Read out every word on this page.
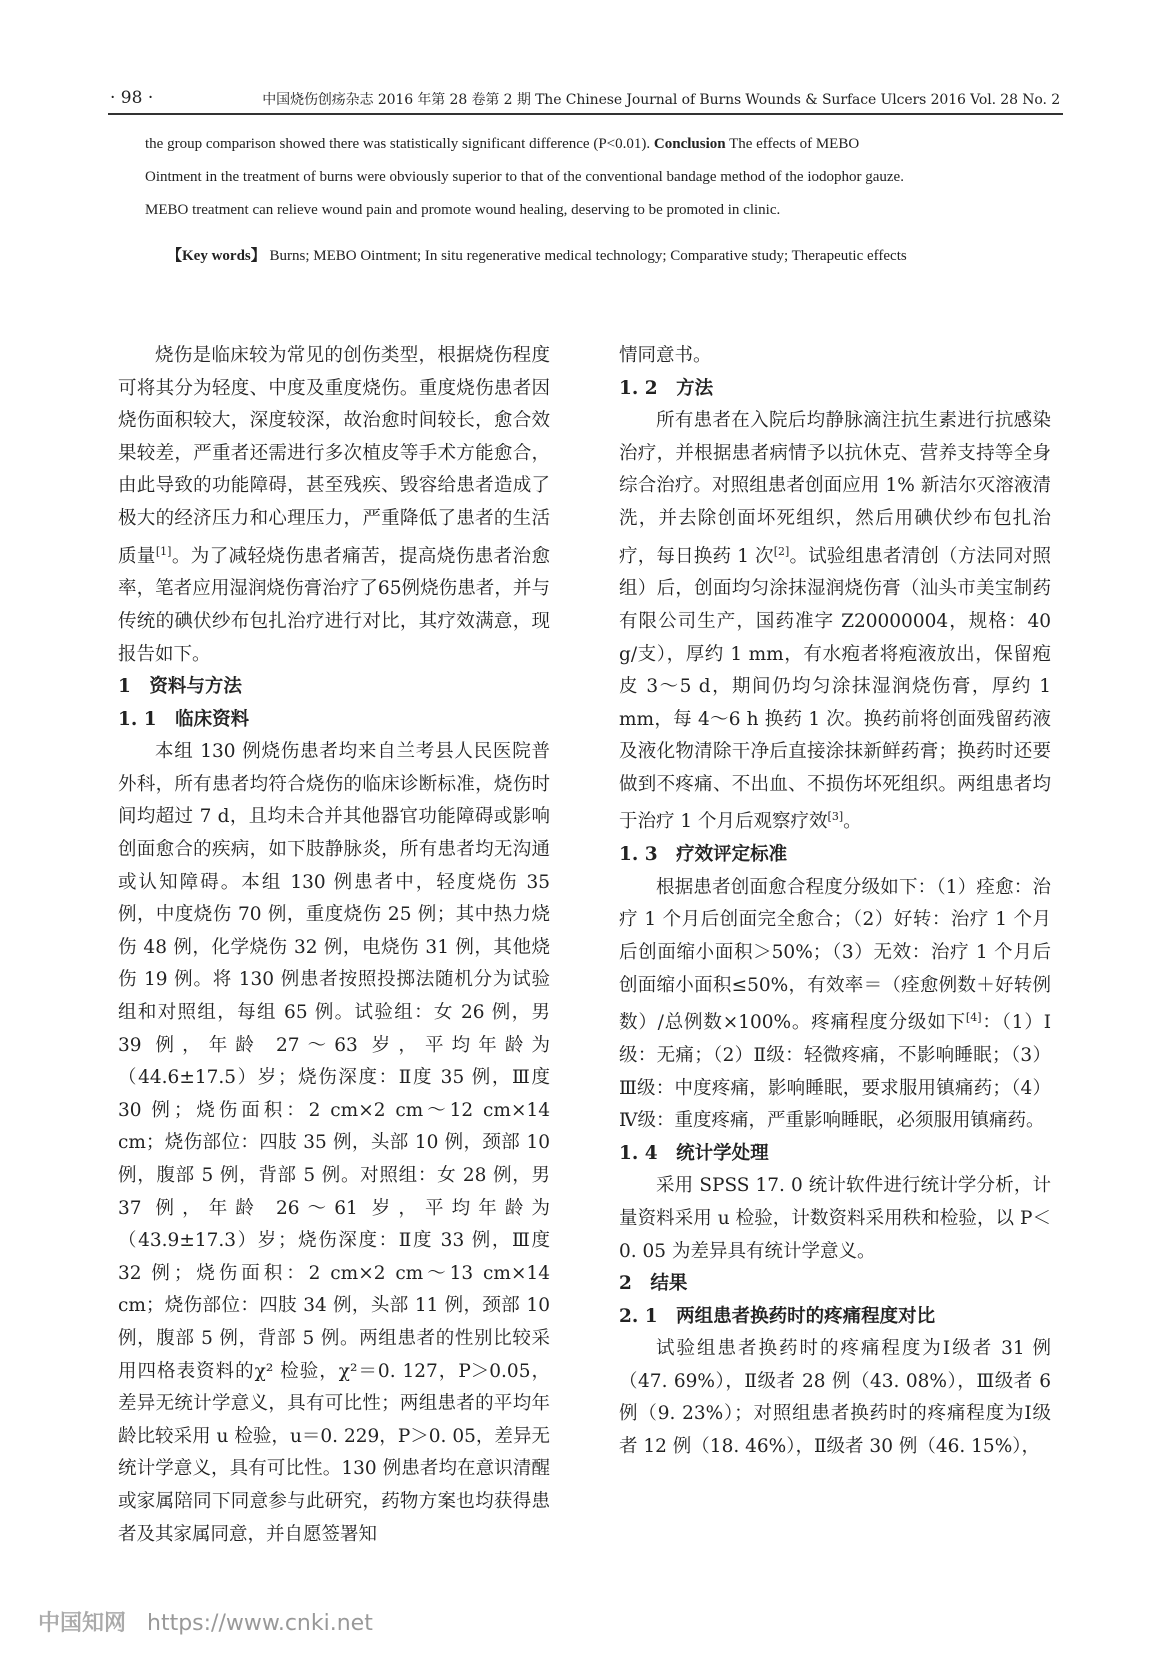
· 98 ·	中国烧伤创疡杂志 2016 年第 28 卷第 2 期 The Chinese Journal of Burns Wounds & Surface Ulcers 2016 Vol. 28 No. 2
the group comparison showed there was statistically significant difference (P<0.01). Conclusion The effects of MEBO
Ointment in the treatment of burns were obviously superior to that of the conventional bandage method of the iodophor gauze.
MEBO treatment can relieve wound pain and promote wound healing, deserving to be promoted in clinic.
【Key words】 Burns; MEBO Ointment; In situ regenerative medical technology; Comparative study; Therapeutic effects

烧伤是临床较为常见的创伤类型，根据烧伤程度可将其分为轻度、中度及重度烧伤。重度烧伤患者因烧伤面积较大，深度较深，故治愈时间较长，愈合效果较差，严重者还需进行多次植皮等手术方能愈合，由此导致的功能障碍，甚至残疾、毁容给患者造成了极大的经济压力和心理压力，严重降低了患者的生活质量[1]。为了减轻烧伤患者痛苦，提高烧伤患者治愈率，笔者应用湿润烧伤膏治疗了65例烧伤患者，并与传统的碘伏纱布包扎治疗进行对比，其疗效满意，现报告如下。

1　资料与方法

1. 1　临床资料

本组 130 例烧伤患者均来自兰考县人民医院普外科，所有患者均符合烧伤的临床诊断标准，烧伤时间均超过 7 d，且均未合并其他器官功能障碍或影响创面愈合的疾病，如下肢静脉炎，所有患者均无沟通或认知障碍。本组 130 例患者中，轻度烧伤 35 例，中度烧伤 70 例，重度烧伤 25 例；其中热力烧伤 48 例，化学烧伤 32 例，电烧伤 31 例，其他烧伤 19 例。将 130 例患者按照投掷法随机分为试验组和对照组，每组 65 例。试验组：女 26 例，男 39 例，年龄 27～63 岁，平均年龄为（44.6±17.5）岁；烧伤深度：Ⅱ度 35 例，Ⅲ度 30 例；烧伤面积：2 cm×2 cm～12 cm×14 cm；烧伤部位：四肢 35 例，头部 10 例，颈部 10 例，腹部 5 例，背部 5 例。对照组：女 28 例，男 37 例，年龄 26～61 岁，平均年龄为（43.9±17.3）岁；烧伤深度：Ⅱ度 33 例，Ⅲ度 32 例；烧伤面积：2 cm×2 cm～13 cm×14 cm；烧伤部位：四肢 34 例，头部 11 例，颈部 10 例，腹部 5 例，背部 5 例。两组患者的性别比较采用四格表资料的χ² 检验，χ²＝0. 127，P＞0.05，差异无统计学意义，具有可比性；两组患者的平均年龄比较采用 u 检验，u＝0. 229，P＞0. 05，差异无统计学意义，具有可比性。130 例患者均在意识清醒或家属陪同下同意参与此研究，药物方案也均获得患者及其家属同意，并自愿签署知

情同意书。

1. 2　方法

所有患者在入院后均静脉滴注抗生素进行抗感染治疗，并根据患者病情予以抗休克、营养支持等全身综合治疗。对照组患者创面应用 1% 新洁尔灭溶液清洗，并去除创面坏死组织，然后用碘伏纱布包扎治疗，每日换药 1 次[2]。试验组患者清创（方法同对照组）后，创面均匀涂抹湿润烧伤膏（汕头市美宝制药有限公司生产，国药准字 Z20000004，规格：40 g/支），厚约 1 mm，有水疱者将疱液放出，保留疱皮 3～5 d，期间仍均匀涂抹湿润烧伤膏，厚约 1 mm，每 4～6 h 换药 1 次。换药前将创面残留药液及液化物清除干净后直接涂抹新鲜药膏；换药时还要做到不疼痛、不出血、不损伤坏死组织。两组患者均于治疗 1 个月后观察疗效[3]。

1. 3　疗效评定标准

根据患者创面愈合程度分级如下：（1）痊愈：治疗 1 个月后创面完全愈合；（2）好转：治疗 1 个月后创面缩小面积＞50%；（3）无效：治疗 1 个月后创面缩小面积≤50%，有效率＝（痊愈例数＋好转例数）/总例数×100%。疼痛程度分级如下[4]：（1）Ⅰ级：无痛；（2）Ⅱ级：轻微疼痛，不影响睡眠；（3）Ⅲ级：中度疼痛，影响睡眠，要求服用镇痛药；（4）Ⅳ级：重度疼痛，严重影响睡眠，必须服用镇痛药。

1. 4　统计学处理

采用 SPSS 17. 0 统计软件进行统计学分析，计量资料采用 u 检验，计数资料采用秩和检验，以 P＜0. 05 为差异具有统计学意义。

2　结果

2. 1　两组患者换药时的疼痛程度对比

试验组患者换药时的疼痛程度为Ⅰ级者 31 例（47. 69%），Ⅱ级者 28 例（43. 08%），Ⅲ级者 6 例（9. 23%）；对照组患者换药时的疼痛程度为Ⅰ级者 12 例（18. 46%），Ⅱ级者 30 例（46. 15%），

中国知网 https://www.cnki.net
